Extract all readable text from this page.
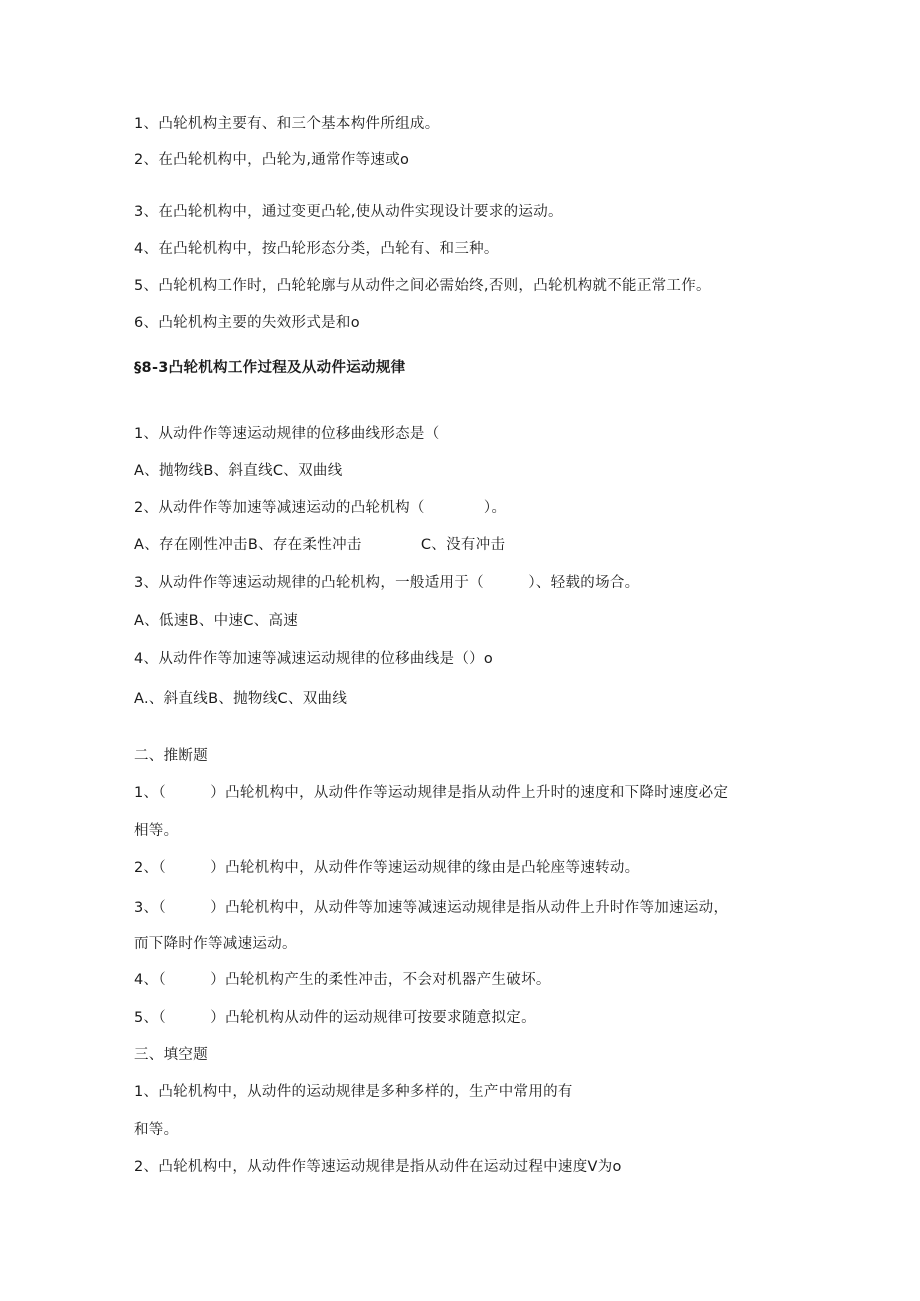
1、凸轮机构主要有、和三个基本构件所组成。
2、在凸轮机构中，凸轮为,通常作等速或o
3、在凸轮机构中，通过变更凸轮,使从动件实现设计要求的运动。
4、在凸轮机构中，按凸轮形态分类，凸轮有、和三种。
5、凸轮机构工作时，凸轮轮廓与从动件之间必需始终,否则，凸轮机构就不能正常工作。
6、凸轮机构主要的失效形式是和o
§8-3凸轮机构工作过程及从动件运动规律
1、从动件作等速运动规律的位移曲线形态是（
A、抛物线B、斜直线C、双曲线
2、从动件作等加速等减速运动的凸轮机构（　　　　）。
A、存在刚性冲击B、存在柔性冲击　　　　C、没有冲击
3、从动件作等速运动规律的凸轮机构，一般适用于（　　　）、轻载的场合。
A、低速B、中速C、高速
4、从动件作等加速等减速运动规律的位移曲线是（）o
A.、斜直线B、抛物线C、双曲线
二、推断题
1、（　　　）凸轮机构中，从动件作等运动规律是指从动件上升时的速度和下降时速度必定
相等。
2、（　　　）凸轮机构中，从动件作等速运动规律的缘由是凸轮座等速转动。
3、（　　　）凸轮机构中，从动件等加速等减速运动规律是指从动件上升时作等加速运动，
而下降时作等减速运动。
4、（　　　）凸轮机构产生的柔性冲击，不会对机器产生破坏。
5、（　　　）凸轮机构从动件的运动规律可按要求随意拟定。
三、填空题
1、凸轮机构中，从动件的运动规律是多种多样的，生产中常用的有
和等。
2、凸轮机构中，从动件作等速运动规律是指从动件在运动过程中速度V为o
